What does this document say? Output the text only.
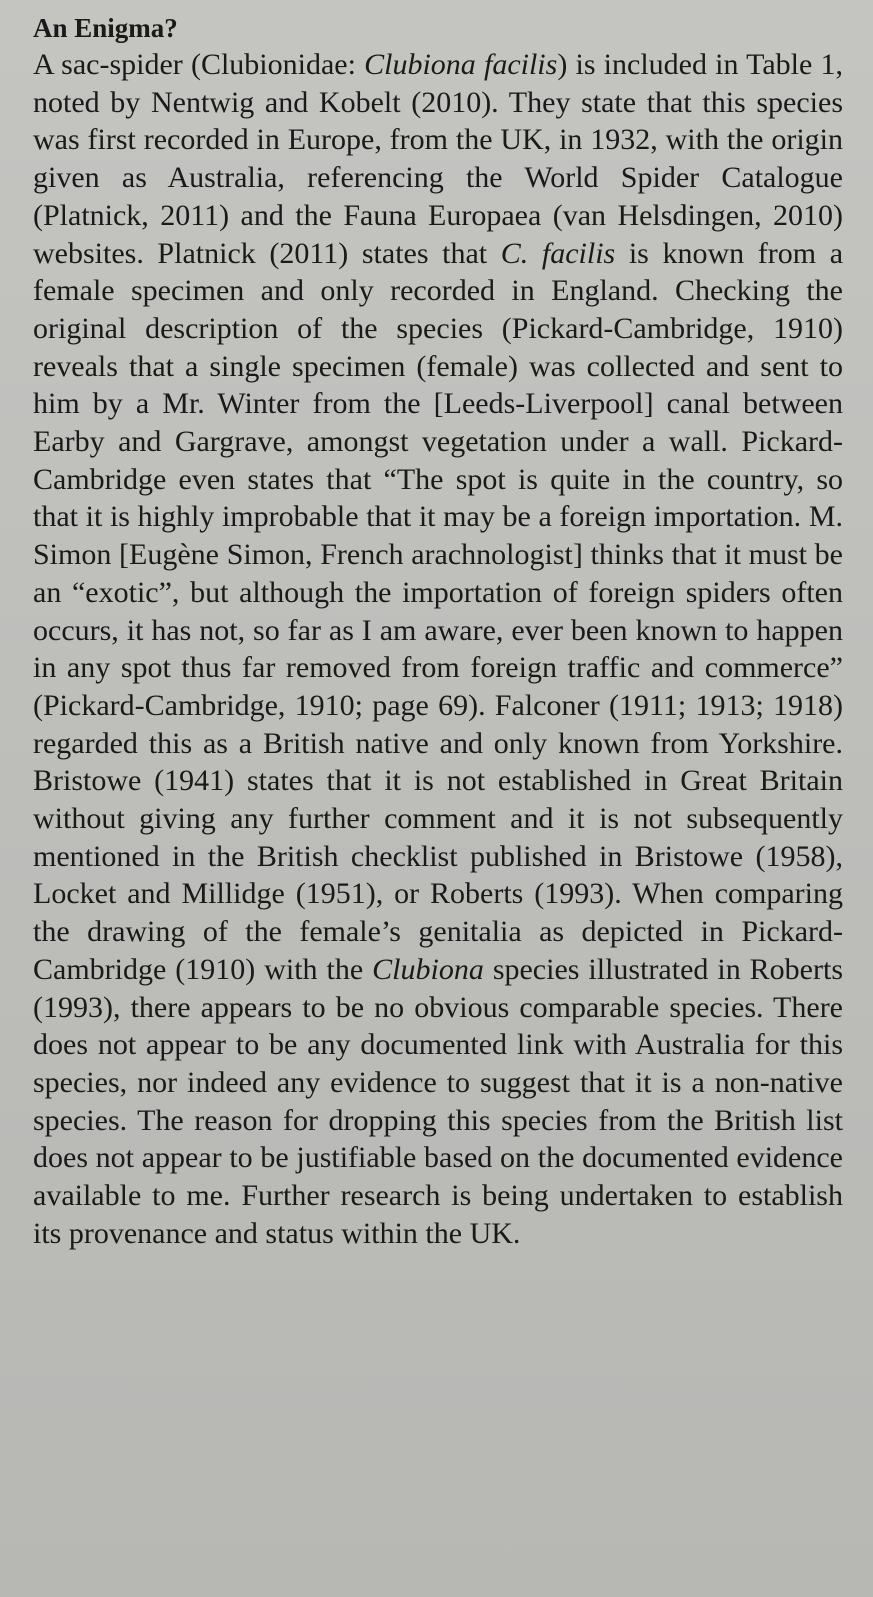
An Enigma?

A sac-spider (Clubionidae: Clubiona facilis) is included in Table 1, noted by Nentwig and Kobelt (2010). They state that this species was first recorded in Europe, from the UK, in 1932, with the origin given as Australia, referencing the World Spider Catalogue (Platnick, 2011) and the Fauna Europaea (van Helsdingen, 2010) websites. Platnick (2011) states that C. facilis is known from a female specimen and only recorded in England. Checking the original description of the species (Pickard-Cambridge, 1910) reveals that a single specimen (female) was collected and sent to him by a Mr. Winter from the [Leeds-Liverpool] canal between Earby and Gargrave, amongst vegetation under a wall. Pickard-Cambridge even states that “The spot is quite in the country, so that it is highly improbable that it may be a foreign importation. M. Simon [Eugène Simon, French arachnologist] thinks that it must be an “exotic”, but although the importation of foreign spiders often occurs, it has not, so far as I am aware, ever been known to happen in any spot thus far removed from foreign traffic and commerce” (Pickard-Cambridge, 1910; page 69). Falconer (1911; 1913; 1918) regarded this as a British native and only known from Yorkshire. Bristowe (1941) states that it is not established in Great Britain without giving any further comment and it is not subsequently mentioned in the British checklist published in Bristowe (1958), Locket and Millidge (1951), or Roberts (1993). When comparing the drawing of the female’s genitalia as depicted in Pickard-Cambridge (1910) with the Clubiona species illustrated in Roberts (1993), there appears to be no obvious comparable species. There does not appear to be any documented link with Australia for this species, nor indeed any evidence to suggest that it is a non-native species. The reason for dropping this species from the British list does not appear to be justifiable based on the documented evidence available to me. Further research is being undertaken to establish its provenance and status within the UK.
